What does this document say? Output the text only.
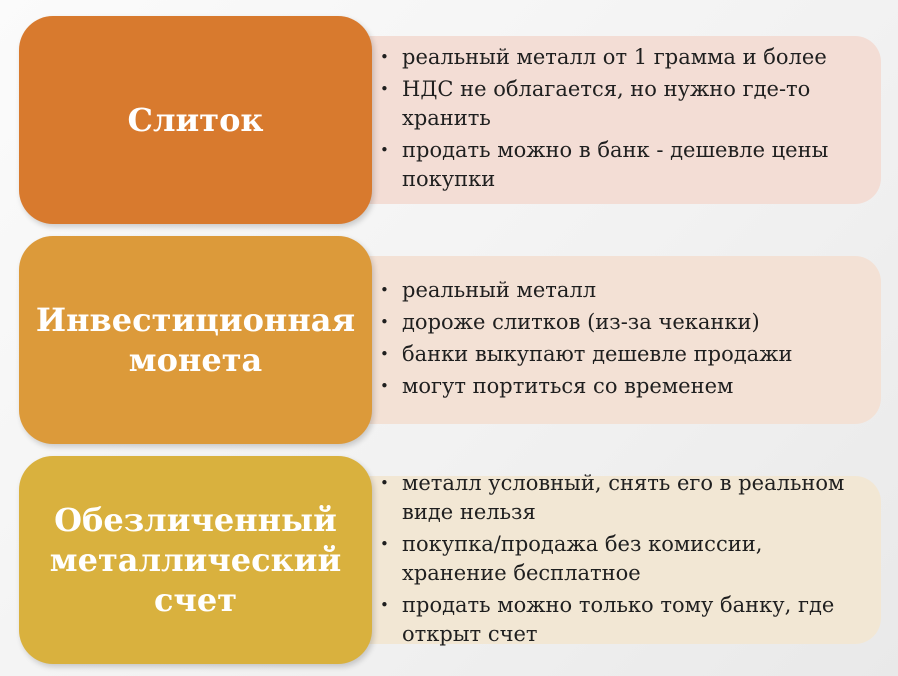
• реальный металл от 1 грамма и более
• НДС не облагается, но нужно где-то хранить
• продать можно в банк - дешевле цены покупки
Слиток
• реальный металл
• дороже слитков (из-за чеканки)
• банки выкупают дешевле продажи
• могут портиться со временем
Инвестиционная
монета
• металл условный, снять его в реальном виде нельзя
• покупка/продажа без комиссии, хранение бесплатное
• продать можно только тому банку, где открыт счет
Обезличенный
металлический
счет
